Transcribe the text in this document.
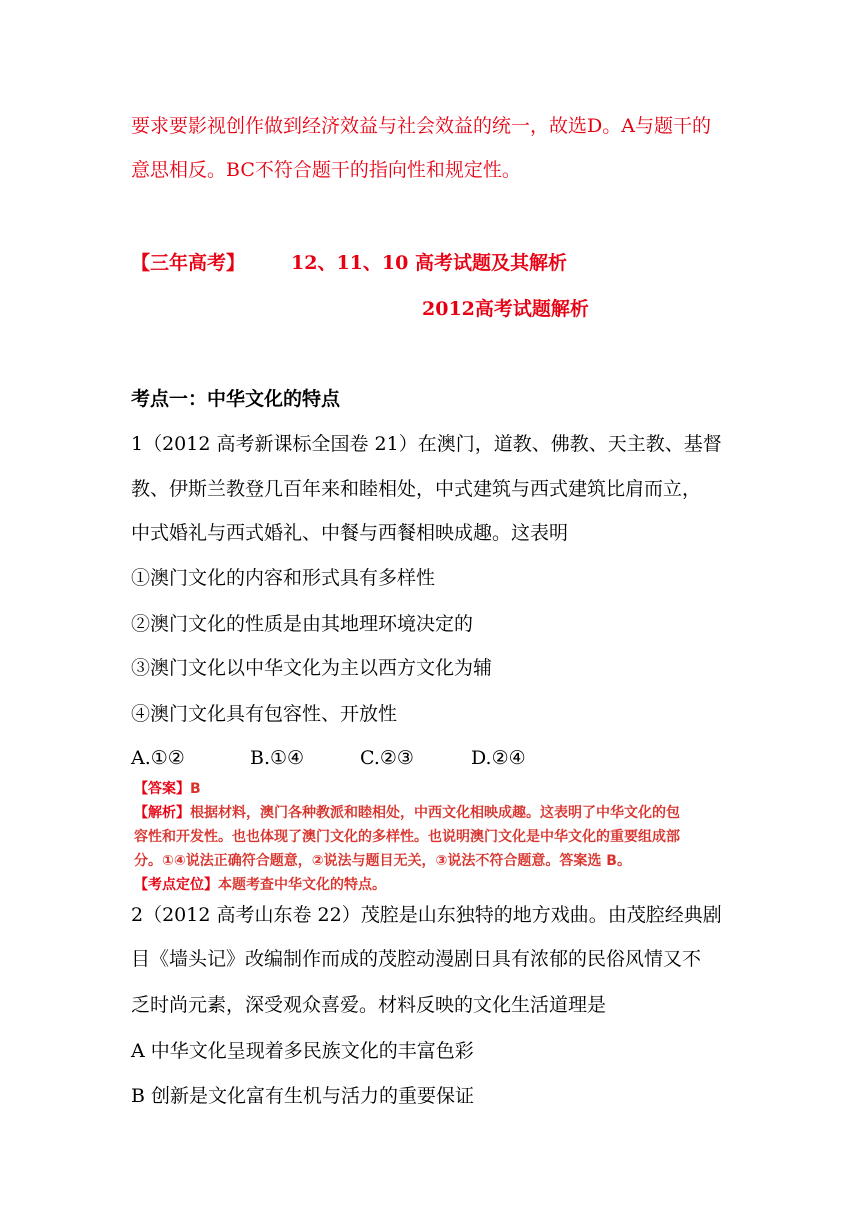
要求要影视创作做到经济效益与社会效益的统一，故选D。A与题干的
意思相反。BC不符合题干的指向性和规定性。
【三年高考】 12、11、10 高考试题及其解析
2012高考试题解析
考点一：中华文化的特点
1（2012 高考新课标全国卷 21）在澳门，道教、佛教、天主教、基督
教、伊斯兰教登几百年来和睦相处，中式建筑与西式建筑比肩而立，
中式婚礼与西式婚礼、中餐与西餐相映成趣。这表明
①澳门文化的内容和形式具有多样性
②澳门文化的性质是由其地理环境决定的
③澳门文化以中华文化为主以西方文化为辅
④澳门文化具有包容性、开放性
A.①②	B.①④	C.②③	D.②④
【答案】B
【解析】根据材料，澳门各种教派和睦相处，中西文化相映成趣。这表明了中华文化的包
容性和开发性。也也体现了澳门文化的多样性。也说明澳门文化是中华文化的重要组成部
分。①④说法正确符合题意，②说法与题目无关，③说法不符合题意。答案选 B。
【考点定位】本题考查中华文化的特点。
2（2012 高考山东卷 22）茂腔是山东独特的地方戏曲。由茂腔经典剧
目《墙头记》改编制作而成的茂腔动漫剧日具有浓郁的民俗风情又不
乏时尚元素，深受观众喜爱。材料反映的文化生活道理是
A 中华文化呈现着多民族文化的丰富色彩
B 创新是文化富有生机与活力的重要保证
